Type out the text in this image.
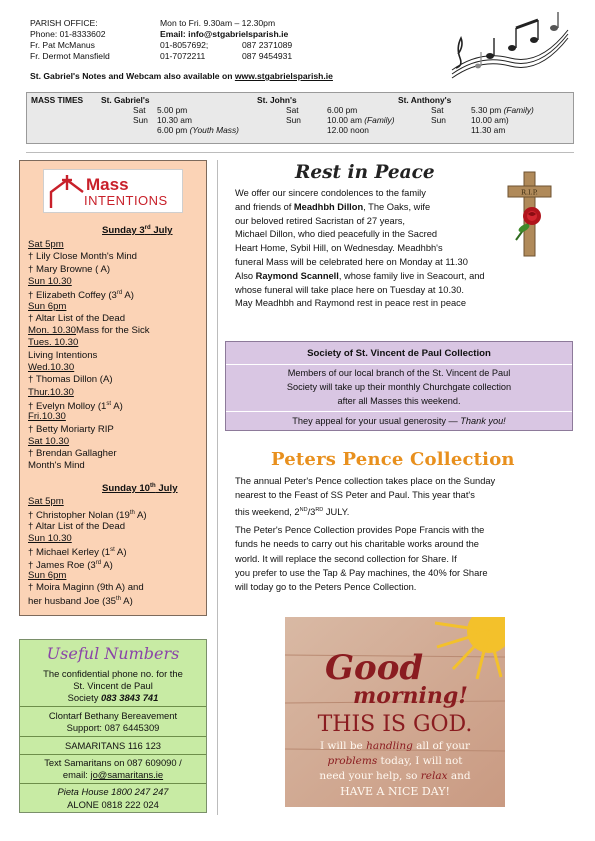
PARISH OFFICE:	Mon to Fri. 9.30am – 12.30pm
Phone: 01-8333602	Email: info@stgabrielsparish.ie
Fr. Pat McManus	01-8057692;	087 2371089
Fr. Dermot Mansfield	01-7072211	087 9454931
St. Gabriel's Notes and Webcam also available on www.stgabrielsparish.ie
MASS TIMES St. Gabriel's
Sat 5.00 pm
Sun 10.30 am
6.00 pm (Youth Mass)
St. John's
Sat	6.00 pm
Sun	10.00 am (Family)
12.00 noon
St. Anthony's
Sat	5.30 pm (Family)
Sun	10.00 am)
11.30 am
Mass
INTENTIONS
Sunday 3rd July
Sat 5pm
† Lily Close Month's Mind
† Mary Browne ( A)
Sun 10.30
† Elizabeth Coffey (3rd A)
Sun 6pm
† Altar List of the Dead
Mon. 10.30Mass for the Sick
Tues. 10.30
Living Intentions
Wed.10.30
† Thomas Dillon (A)
Thur.10.30
† Evelyn Molloy (1st A)
Fri.10.30
† Betty Moriarty RIP
Sat 10.30
† Brendan Gallagher
Month's Mind
Sunday 10th July
Sat 5pm
† Christopher Nolan (19th A)
† Altar List of the Dead
Sun 10.30
† Michael Kerley (1st A)
† James Roe (3rd A)
Sun 6pm
† Moira Maginn (9th A) and
her husband Joe (35th A)
Useful Numbers
The confidential phone no. for the
St. Vincent de Paul
Society 083 3843 741
Clontarf Bethany Bereavement
Support: 087 6445309
SAMARITANS 116 123
Text Samaritans on 087 609090 /
email: jo@samaritans.ie
Pieta House 1800 247 247
ALONE 0818 222 024
Rest in Peace
We offer our sincere condolences to the family
and friends of Meadhbh Dillon, The Oaks, wife
our beloved retired Sacristan of 27 years,
Michael Dillon, who died peacefully in the Sacred
Heart Home, Sybil Hill, on Wednesday. Meadhbh's
funeral Mass will be celebrated here on Monday at 11.30
Also Raymond Scannell, whose family live in Seacourt, and
whose funeral will take place here on Tuesday at 10.30.
May Meadhbh and Raymond rest in peace rest in peace
R.I.P.
Society of St. Vincent de Paul Collection
Members of our local branch of the St. Vincent de Paul
Society will take up their monthly Churchgate collection
after all Masses this weekend.
They appeal for your usual generosity — Thank you!
Peters Pence Collection
The annual Peter's Pence collection takes place on the Sunday
nearest to the Feast of SS Peter and Paul. This year that's
this weekend, 2ND/3RD JULY.
The Peter's Pence Collection provides Pope Francis with the
funds he needs to carry out his charitable works around the
world. It will replace the second collection for Share. If
you prefer to use the Tap & Pay machines, the 40% for Share
will today go to the Peters Pence Collection.
Good
morning!
THIS IS GOD.
I will be handling all of your
problems today, I will not
need your help, so relax and
HAVE A NICE DAY!
